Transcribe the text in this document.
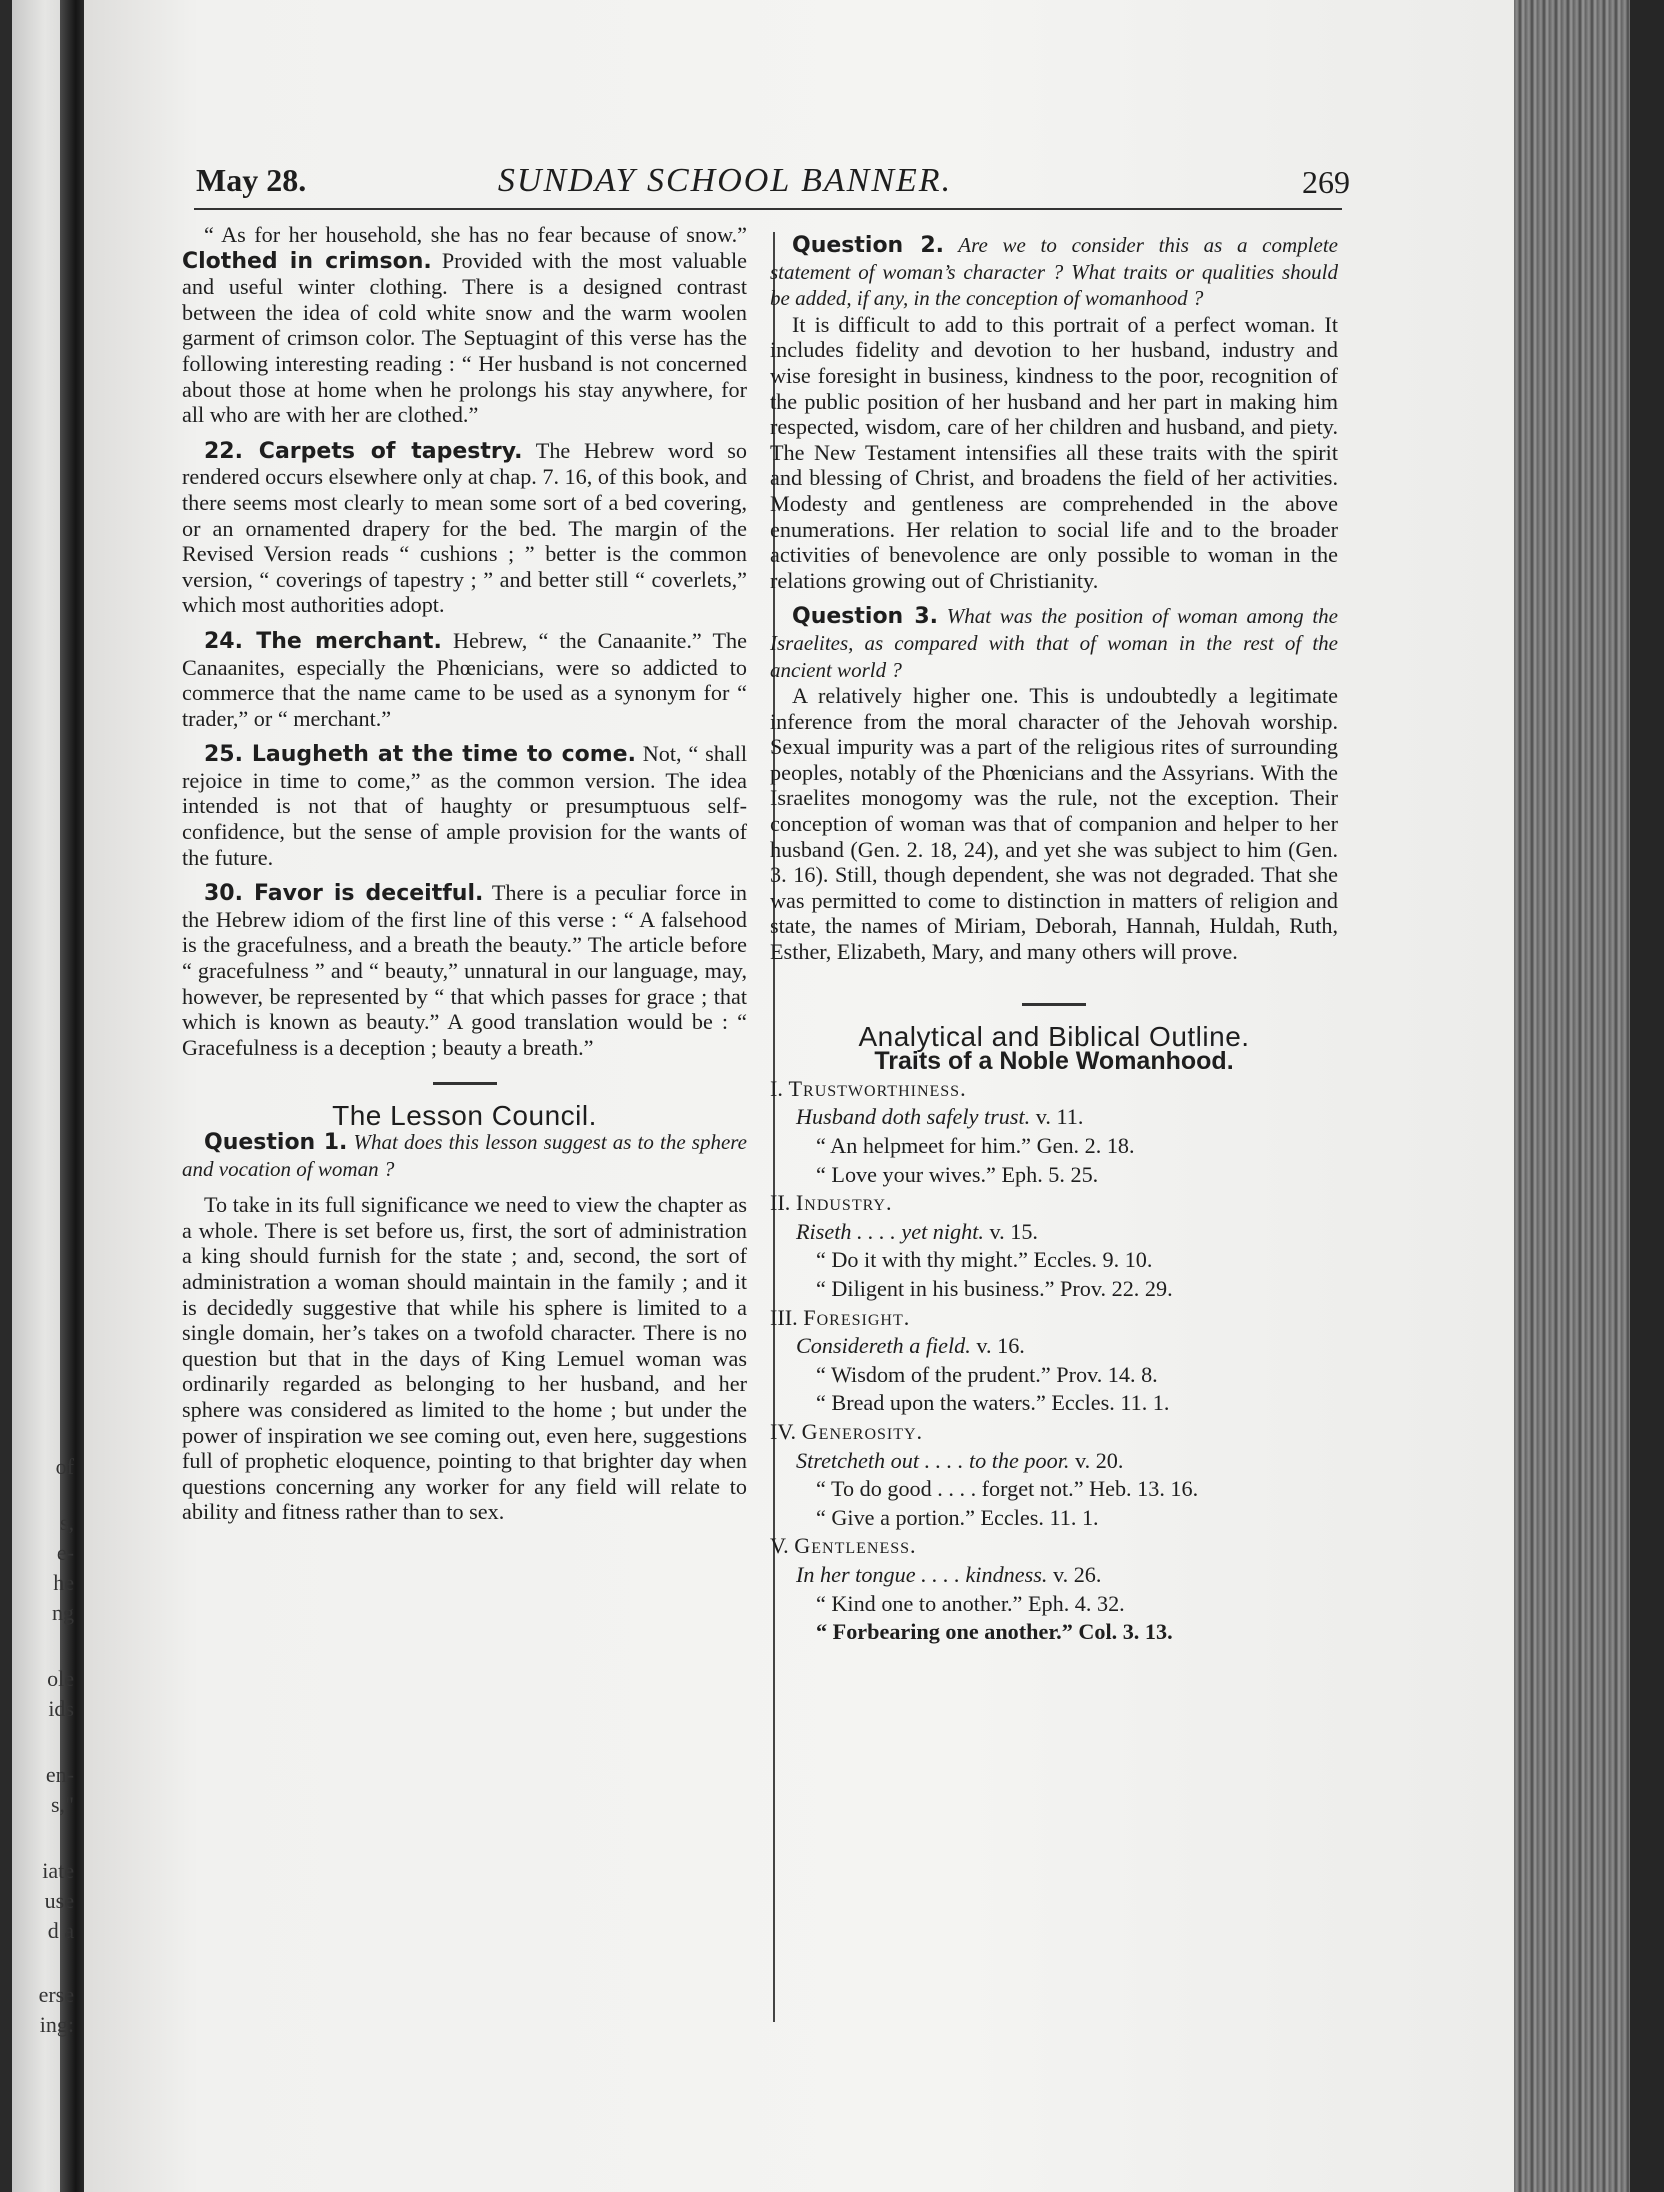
of
s,
e-
he
ng
ole
ids
en-
s,"
iate
use
d a
erse
ing:
May 28.	SUNDAY SCHOOL BANNER.	269

“ As for her household, she has no fear because of snow.” Clothed in crimson. Provided with the most valuable and useful winter clothing. There is a designed contrast between the idea of cold white snow and the warm woolen garment of crimson color. The Septuagint of this verse has the following interesting reading : “ Her husband is not concerned about those at home when he prolongs his stay anywhere, for all who are with her are clothed.”

22. Carpets of tapestry. The Hebrew word so rendered occurs elsewhere only at chap. 7. 16, of this book, and there seems most clearly to mean some sort of a bed covering, or an ornamented drapery for the bed. The margin of the Revised Version reads “ cushions ; ” better is the common version, “ coverings of tapestry ; ” and better still “ coverlets,” which most authorities adopt.

24. The merchant. Hebrew, “ the Canaanite.” The Canaanites, especially the Phœnicians, were so addicted to commerce that the name came to be used as a synonym for “ trader,” or “ merchant.”

25. Laugheth at the time to come. Not, “ shall rejoice in time to come,” as the common version. The idea intended is not that of haughty or presumptuous self-confidence, but the sense of ample provision for the wants of the future.

30. Favor is deceitful. There is a peculiar force in the Hebrew idiom of the first line of this verse : “ A falsehood is the gracefulness, and a breath the beauty.” The article before “ gracefulness ” and “ beauty,” unnatural in our language, may, however, be represented by “ that which passes for grace ; that which is known as beauty.” A good translation would be : “ Gracefulness is a deception ; beauty a breath.”

The Lesson Council.

Question 1. What does this lesson suggest as to the sphere and vocation of woman ?

To take in its full significance we need to view the chapter as a whole. There is set before us, first, the sort of administration a king should furnish for the state ; and, second, the sort of administration a woman should maintain in the family ; and it is decidedly suggestive that while his sphere is limited to a single domain, her’s takes on a twofold character. There is no question but that in the days of King Lemuel woman was ordinarily regarded as belonging to her husband, and her sphere was considered as limited to the home ; but under the power of inspiration we see coming out, even here, suggestions full of prophetic eloquence, pointing to that brighter day when questions concerning any worker for any field will relate to ability and fitness rather than to sex.

Question 2. Are we to consider this as a complete statement of woman’s character ? What traits or qualities should be added, if any, in the conception of womanhood ?

It is difficult to add to this portrait of a perfect woman. It includes fidelity and devotion to her husband, industry and wise foresight in business, kindness to the poor, recognition of the public position of her husband and her part in making him respected, wisdom, care of her children and husband, and piety. The New Testament intensifies all these traits with the spirit and blessing of Christ, and broadens the field of her activities. Modesty and gentleness are comprehended in the above enumerations. Her relation to social life and to the broader activities of benevolence are only possible to woman in the relations growing out of Christianity.

Question 3. What was the position of woman among the Israelites, as compared with that of woman in the rest of the ancient world ?

A relatively higher one. This is undoubtedly a legitimate inference from the moral character of the Jehovah worship. Sexual impurity was a part of the religious rites of surrounding peoples, notably of the Phœnicians and the Assyrians. With the Israelites monogomy was the rule, not the exception. Their conception of woman was that of companion and helper to her husband (Gen. 2. 18, 24), and yet she was subject to him (Gen. 3. 16). Still, though dependent, she was not degraded. That she was permitted to come to distinction in matters of religion and state, the names of Miriam, Deborah, Hannah, Huldah, Ruth, Esther, Elizabeth, Mary, and many others will prove.

Analytical and Biblical Outline.

Traits of a Noble Womanhood.

I. Trustworthiness.

Husband doth safely trust. v. 11.

“ An helpmeet for him.” Gen. 2. 18.

“ Love your wives.” Eph. 5. 25.

II. Industry.

Riseth . . . . yet night. v. 15.

“ Do it with thy might.” Eccles. 9. 10.

“ Diligent in his business.” Prov. 22. 29.

III. Foresight.

Considereth a field. v. 16.

“ Wisdom of the prudent.” Prov. 14. 8.

“ Bread upon the waters.” Eccles. 11. 1.

IV. Generosity.

Stretcheth out . . . . to the poor. v. 20.

“ To do good . . . . forget not.” Heb. 13. 16.

“ Give a portion.” Eccles. 11. 1.

V. Gentleness.

In her tongue . . . . kindness. v. 26.

“ Kind one to another.” Eph. 4. 32.

“ Forbearing one another.” Col. 3. 13.
